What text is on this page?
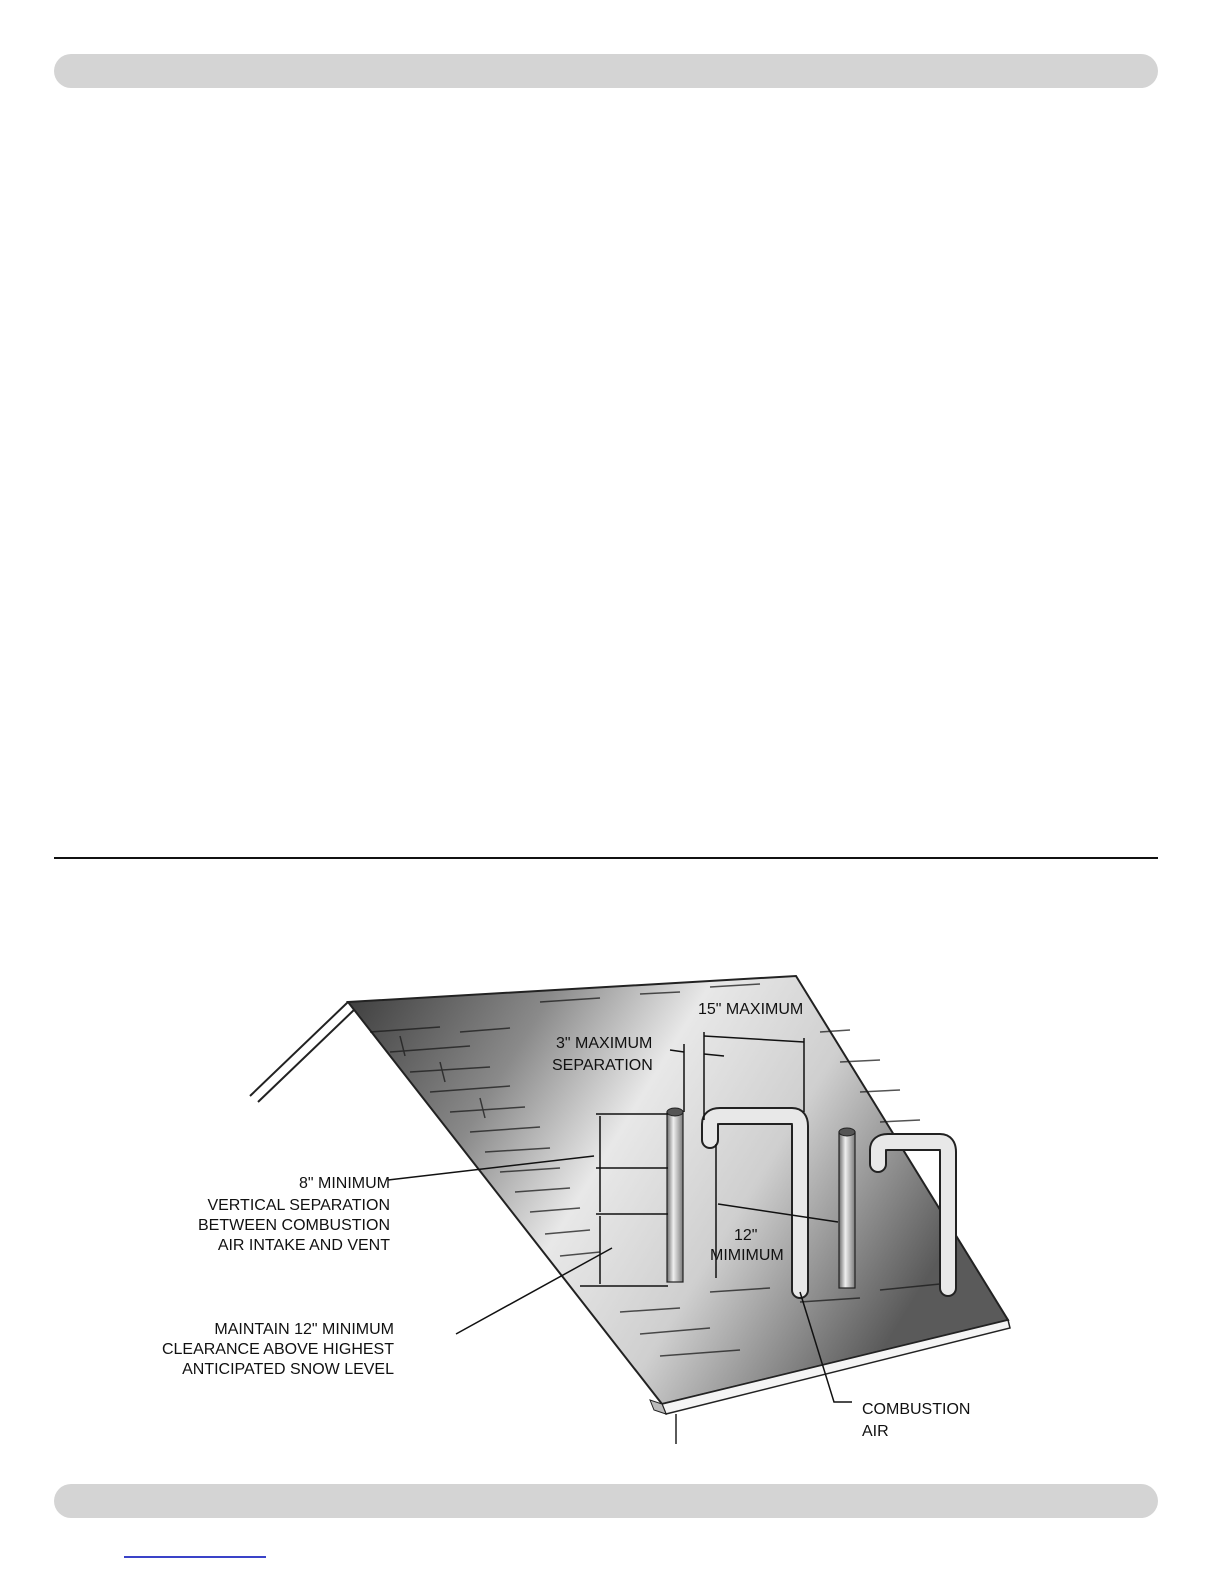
15" MAXIMUM
3" MAXIMUM
SEPARATION
8" MINIMUM
VERTICAL SEPARATION
BETWEEN COMBUSTION
AIR INTAKE AND VENT
12"
MIMIMUM
MAINTAIN 12" MINIMUM
CLEARANCE ABOVE HIGHEST
ANTICIPATED SNOW LEVEL
COMBUSTION
AIR
